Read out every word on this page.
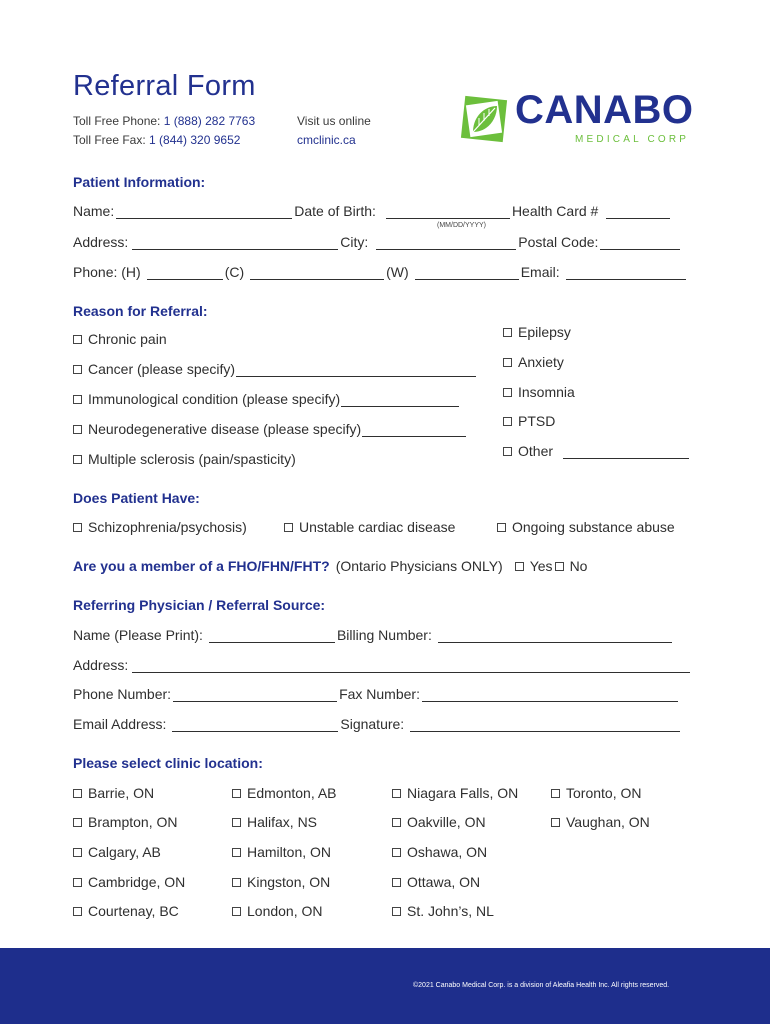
Referral Form
Toll Free Phone: 1 (888) 282 7763
Toll Free Fax: 1 (844) 320 9652
Visit us online
cmclinic.ca
CANABO
MEDICAL CORP
Patient Information:
Name:	Date of Birth:	Health Card #
(MM/DD/YYYY)
Address:	City:	Postal Code:
Phone: (H)	(C)	(W)	Email:
Reason for Referral:
Chronic pain
Cancer (please specify)
Immunological condition (please specify)
Neurodegenerative disease (please specify)
Multiple sclerosis (pain/spasticity)
Epilepsy
Anxiety
Insomnia
PTSD
Other
Does Patient Have:
Schizophrenia/psychosis)	Unstable cardiac disease	Ongoing substance abuse
Are you a member of a FHO/FHN/FHT? (Ontario Physicians ONLY) Yes No
Referring Physician / Referral Source:
Name (Please Print):	Billing Number:
Address:
Phone Number:	Fax Number:
Email Address:	Signature:
Please select clinic location:
Barrie, ON
Brampton, ON
Calgary, AB
Cambridge, ON
Courtenay, BC
Edmonton, AB
Halifax, NS
Hamilton, ON
Kingston, ON
London, ON
Niagara Falls, ON
Oakville, ON
Oshawa, ON
Ottawa, ON
St. John’s, NL
Toronto, ON
Vaughan, ON
©2021 Canabo Medical Corp. is a division of Aleafia Health Inc. All rights reserved.
